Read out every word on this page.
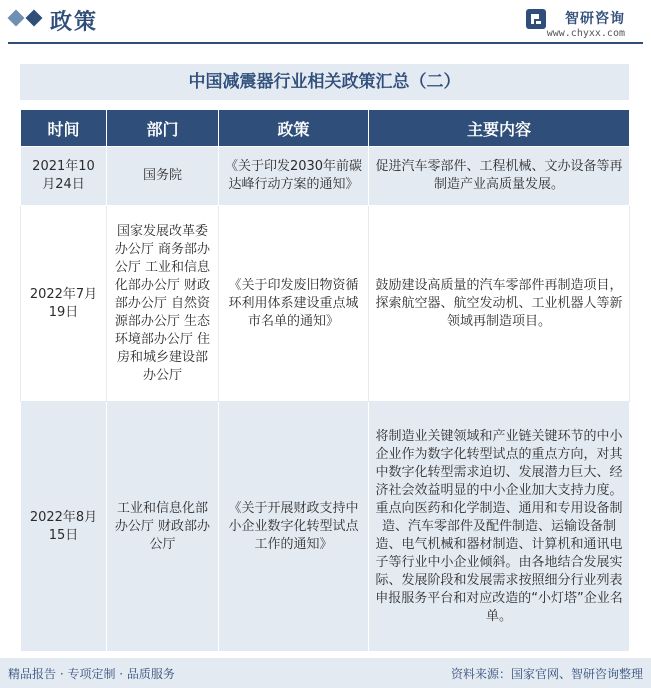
政策	智研咨询
www.chyxx.com
中国减震器行业相关政策汇总（二）
时间	部门	政策	主要内容
2021年10月24日	国务院	《关于印发2030年前碳达峰行动方案的通知》	促进汽车零部件、工程机械、文办设备等再制造产业高质量发展。
2022年7月19日	国家发展改革委办公厅 商务部办公厅 工业和信息化部办公厅 财政部办公厅 自然资源部办公厅 生态环境部办公厅 住房和城乡建设部办公厅	《关于印发废旧物资循环利用体系建设重点城市名单的通知》	鼓励建设高质量的汽车零部件再制造项目，探索航空器、航空发动机、工业机器人等新领域再制造项目。
2022年8月15日	工业和信息化部办公厅 财政部办公厅	《关于开展财政支持中小企业数字化转型试点工作的通知》	将制造业关键领域和产业链关键环节的中小企业作为数字化转型试点的重点方向，对其中数字化转型需求迫切、发展潜力巨大、经济社会效益明显的中小企业加大支持力度。重点向医药和化学制造、通用和专用设备制造、汽车零部件及配件制造、运输设备制造、电气机械和器材制造、计算机和通讯电子等行业中小企业倾斜。由各地结合发展实际、发展阶段和发展需求按照细分行业列表申报服务平台和对应改造的“小灯塔”企业名单。
精品报告 · 专项定制 · 品质服务	资料来源：国家官网、智研咨询整理
